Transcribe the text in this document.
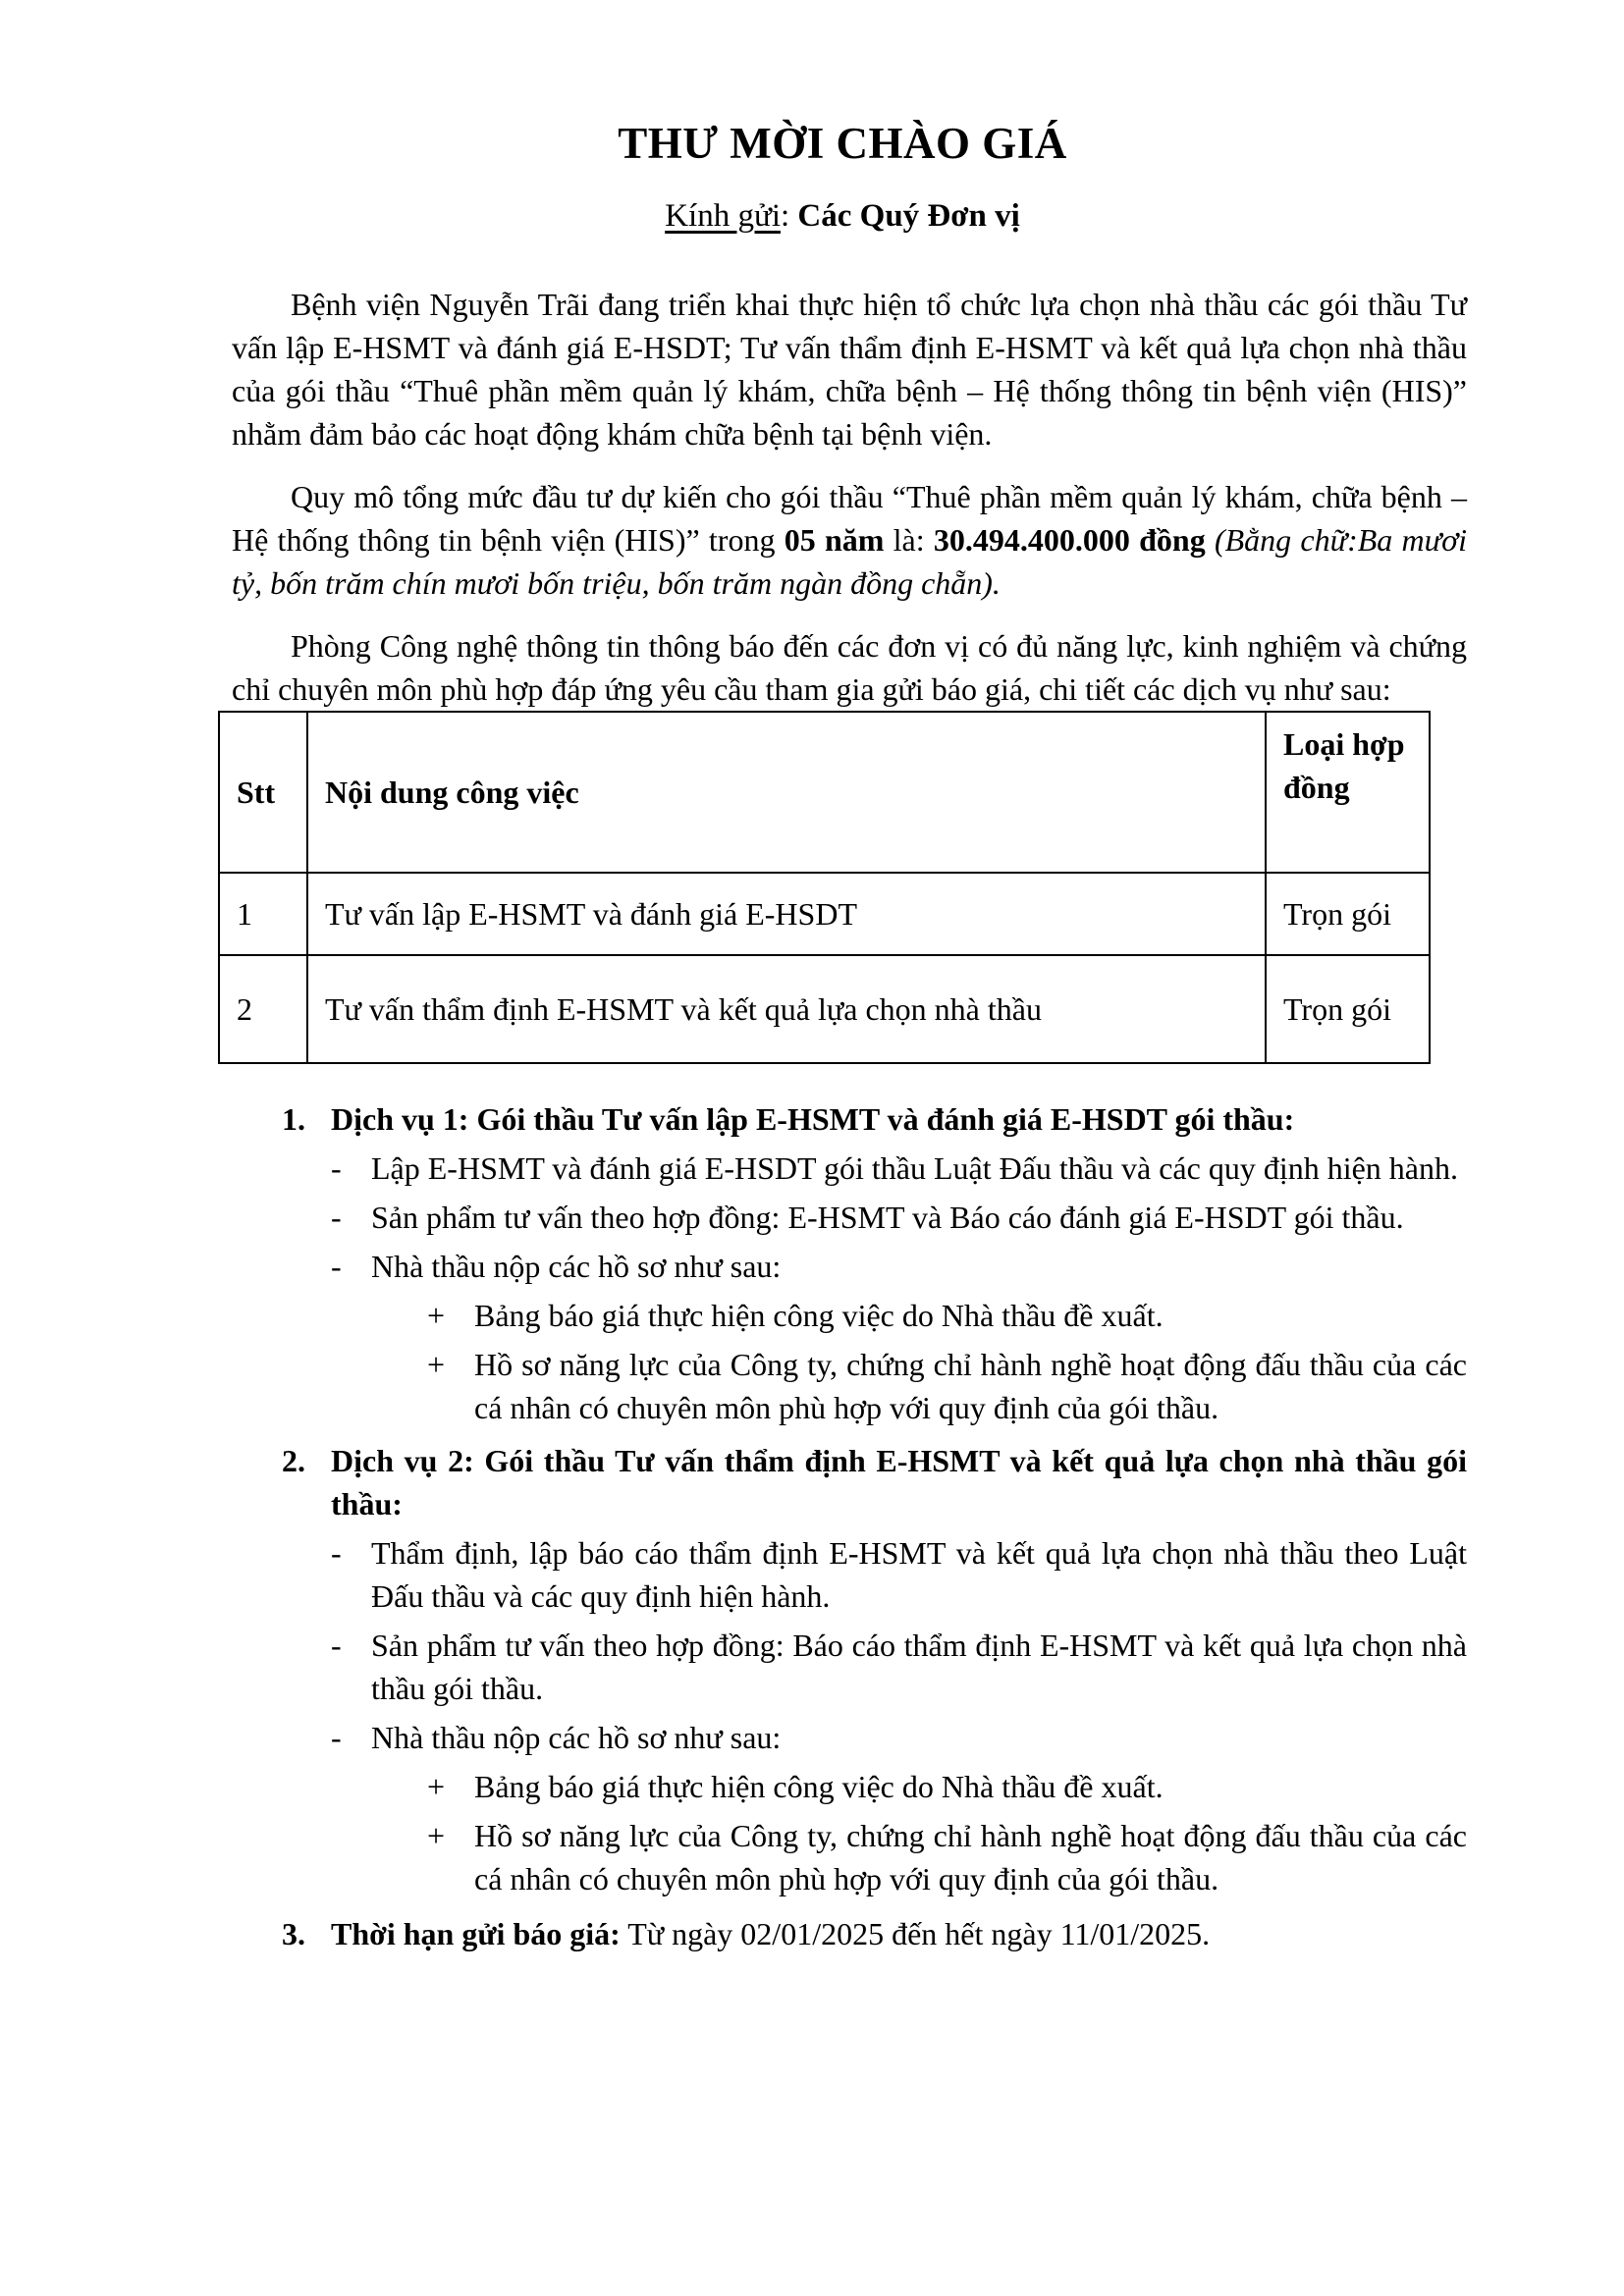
THƯ MỜI CHÀO GIÁ
Kính gửi: Các Quý Đơn vị

Bệnh viện Nguyễn Trãi đang triển khai thực hiện tổ chức lựa chọn nhà thầu các gói thầu Tư vấn lập E-HSMT và đánh giá E-HSDT; Tư vấn thẩm định E-HSMT và kết quả lựa chọn nhà thầu của gói thầu “Thuê phần mềm quản lý khám, chữa bệnh – Hệ thống thông tin bệnh viện (HIS)” nhằm đảm bảo các hoạt động khám chữa bệnh tại bệnh viện.

Quy mô tổng mức đầu tư dự kiến cho gói thầu “Thuê phần mềm quản lý khám, chữa bệnh – Hệ thống thông tin bệnh viện (HIS)” trong 05 năm là: 30.494.400.000 đồng (Bằng chữ:Ba mươi tỷ, bốn trăm chín mươi bốn triệu, bốn trăm ngàn đồng chẵn).

Phòng Công nghệ thông tin thông báo đến các đơn vị có đủ năng lực, kinh nghiệm và chứng chỉ chuyên môn phù hợp đáp ứng yêu cầu tham gia gửi báo giá, chi tiết các dịch vụ như sau:

Stt	Nội dung công việc	Loại hợp đồng
1	Tư vấn lập E-HSMT và đánh giá E-HSDT	Trọn gói
2	Tư vấn thẩm định E-HSMT và kết quả lựa chọn nhà thầu	Trọn gói
1. Dịch vụ 1: Gói thầu Tư vấn lập E-HSMT và đánh giá E-HSDT gói thầu:
- Lập E-HSMT và đánh giá E-HSDT gói thầu Luật Đấu thầu và các quy định hiện hành.
- Sản phẩm tư vấn theo hợp đồng: E-HSMT và Báo cáo đánh giá E-HSDT gói thầu.
- Nhà thầu nộp các hồ sơ như sau:
+ Bảng báo giá thực hiện công việc do Nhà thầu đề xuất.
+ Hồ sơ năng lực của Công ty, chứng chỉ hành nghề hoạt động đấu thầu của các cá nhân có chuyên môn phù hợp với quy định của gói thầu.
2. Dịch vụ 2: Gói thầu Tư vấn thẩm định E-HSMT và kết quả lựa chọn nhà thầu gói thầu:
- Thẩm định, lập báo cáo thẩm định E-HSMT và kết quả lựa chọn nhà thầu theo Luật Đấu thầu và các quy định hiện hành.
- Sản phẩm tư vấn theo hợp đồng: Báo cáo thẩm định E-HSMT và kết quả lựa chọn nhà thầu gói thầu.
- Nhà thầu nộp các hồ sơ như sau:
+ Bảng báo giá thực hiện công việc do Nhà thầu đề xuất.
+ Hồ sơ năng lực của Công ty, chứng chỉ hành nghề hoạt động đấu thầu của các cá nhân có chuyên môn phù hợp với quy định của gói thầu.
3. Thời hạn gửi báo giá: Từ ngày 02/01/2025 đến hết ngày 11/01/2025.
